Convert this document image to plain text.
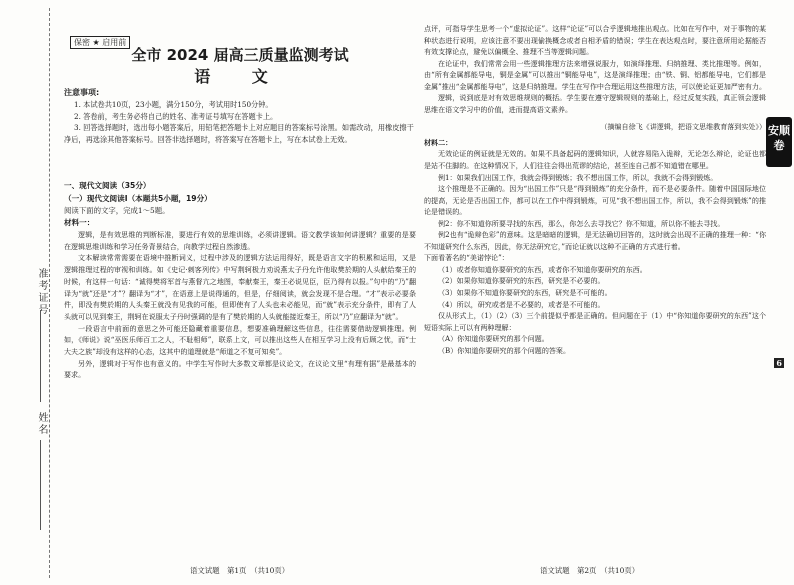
准考证号
姓名
保密 ★ 启用前
全市 2024 届高三质量监测考试
语 文
注意事项:

1. 本试卷共10页，23小题，满分150分，考试用时150分钟。

2. 答卷前，考生务必将自己的姓名、准考证号填写在答题卡上。

3. 回答选择题时，选出每小题答案后，用铅笔把答题卡上对应题目的答案标号涂黑。如需改动，用橡皮擦干净后，再选涂其他答案标号。回答非选择题时，将答案写在答题卡上，写在本试卷上无效。

一、现代文阅读（35分）
（一）现代文阅读Ⅰ（本题共5小题，19分）
阅读下面的文字，完成1～5题。
材料一：

逻辑，是有效思维的判断标准，要进行有效的思维训练，必须讲逻辑。语文教学该如何讲逻辑？重要的是要在逻辑思维训练和学习任务背景结合，向教学过程自然渗透。

文本解读常常需要在语境中推断词义，过程中涉及的逻辑方法运用得好，既是语言文字的积累和运用，又是逻辑推理过程的审视和训练。如《史记·刺客列传》中写荆轲极力劝说燕太子丹允许他取樊於期的人头献给秦王的时候，有这样一句话：“诚得樊将军首与燕督亢之地图，奉献秦王，秦王必说见臣，臣乃得有以报。”句中的“乃”翻译为“就”还是“才”？翻译为“才”，在语意上是说得通的，但是，仔细阅读，就会发现不是合理。“才”表示必要条件，即没有樊於期的人头秦王就没有见我的可能，但即使有了人头也未必能见，而“就”表示充分条件，即有了人头就可以见到秦王，荆轲在说服太子丹时强调的是有了樊於期的人头就能接近秦王，所以“乃”应翻译为“就”。

一段语言中前面的意思之外可能还隐藏着重要信息，想要准确理解这些信息，往往需要借助逻辑推理。例如，《师说》说“巫医乐师百工之人，不耻相师”，联系上文，可以推出这些人在相互学习上没有后顾之忧，而“士大夫之族”却没有这样的心态，这其中的道理就是“师道之不复可知矣”。

另外，逻辑对于写作也有意义的。中学生写作时大多数文章都是议论文，在议论文里“有理有据”是最基本的要求。

语文试题　第1页　（共10页）

点评，可指导学生思考一个“虚拟论证”。这样“论证”可以合乎逻辑地推出观点。比如在写作中，对于事物的某种状态进行说明，应该注意不要出现偷换概念或者自相矛盾的错误；学生在表达观点时，要注意所用论据能否有效支撑论点，避免以偏概全、推理不当等逻辑问题。

在论证中，我们常常会用一些逻辑推理方法来增强说服力，如演绎推理、归纳推理、类比推理等。例如，由“所有金属都能导电，铜是金属”可以推出“铜能导电”，这是演绎推理；由“铁、铜、铝都能导电，它们都是金属”推出“金属都能导电”，这是归纳推理。学生在写作中合理运用这些推理方法，可以使论证更加严密有力。

逻辑，说到底是对有效思维规则的概括。学生要在遵守逻辑规则的基础上，经过反复实践，真正领会逻辑思维在语文学习中的价值，进而提高语文素养。

（摘编自徐飞《讲逻辑，把语文思维教育落到实处》）

材料二：

无效论证的例证就是无效的。如果不具备起码的逻辑知识，人就容易陷入诡辩，无论怎么辩论，论证也都是站不住脚的。在这种情况下，人们往往会得出荒谬的结论，甚至连自己都不知道错在哪里。

例1：如果我们出国工作，我就会得到锻炼；我不想出国工作，所以，我就不会得到锻炼。

这个推理是不正确的。因为“出国工作”只是“得到锻炼”的充分条件，而不是必要条件。随着中国国际地位的提高，无论是否出国工作，都可以在工作中得到锻炼，可见“我不想出国工作，所以，我不会得到锻炼”的推论是错误的。

例2：你不知道你所要寻找的东西，那么，你怎么去寻找它？你不知道，所以你不能去寻找。

例2也有“诡辩色彩”的意味。这是暗暗的逻辑，是无法确切回答的，这时就会出现不正确的推理一种：“你不知道研究什么东西，因此，你无法研究它，”而论证就以这种不正确的方式进行着。

下面看著名的“美诺悖论”：

（1）或者你知道你要研究的东西，或者你不知道你要研究的东西。

（2）如果你知道你要研究的东西，研究是不必要的。

（3）如果你不知道你要研究的东西，研究是不可能的。

（4）所以，研究或者是不必要的，或者是不可能的。

仅从形式上，（1）（2）（3）三个前提似乎都是正确的。但问题在于（1）中“你知道你要研究的东西”这个短语实际上可以有两种理解：

（A）你知道你要研究的那个问题。

（B）你知道你要研究的那个问题的答案。

语文试题　第2页　（共10页）
安顺卷
6
